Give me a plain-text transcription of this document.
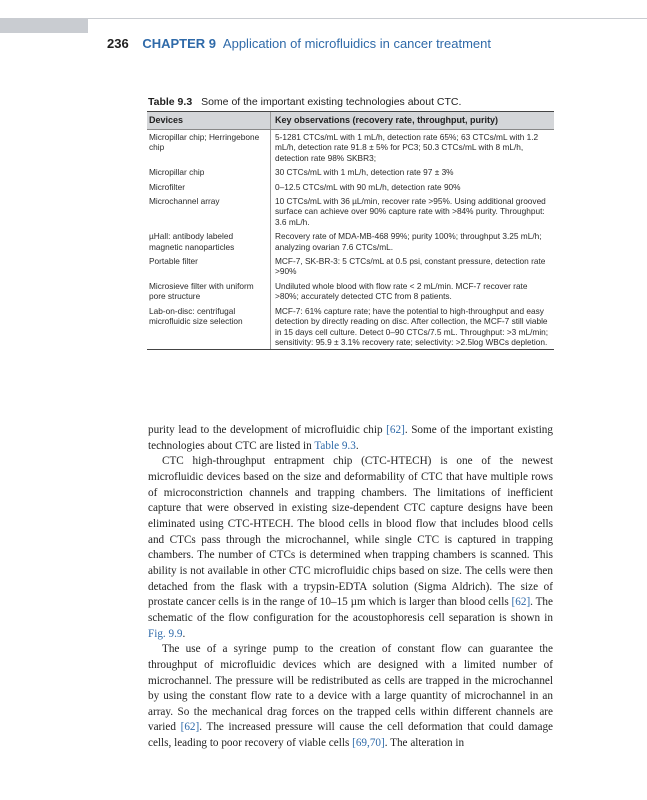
236 CHAPTER 9 Application of microfluidics in cancer treatment
Table 9.3 Some of the important existing technologies about CTC.
Devices	Key observations (recovery rate, throughput, purity)
Micropillar chip; Herringebone chip	5-1281 CTCs/mL with 1 mL/h, detection rate 65%; 63 CTCs/mL with 1.2 mL/h, detection rate 91.8 ± 5% for PC3; 50.3 CTCs/mL with 8 mL/h, detection rate 98% SKBR3;
Micropillar chip	30 CTCs/mL with 1 mL/h, detection rate 97 ± 3%
Microfilter	0–12.5 CTCs/mL with 90 mL/h, detection rate 90%
Microchannel array	10 CTCs/mL with 36 µL/min, recover rate >95%. Using additional grooved surface can achieve over 90% capture rate with >84% purity. Throughput: 3.6 mL/h.
µHall: antibody labeled magnetic nanoparticles	Recovery rate of MDA-MB-468 99%; purity 100%; throughput 3.25 mL/h; analyzing ovarian 7.6 CTCs/mL.
Portable filter	MCF-7, SK-BR-3: 5 CTCs/mL at 0.5 psi, constant pressure, detection rate >90%
Microsieve filter with uniform pore structure	Undiluted whole blood with flow rate < 2 mL/min. MCF-7 recover rate >80%; accurately detected CTC from 8 patients.
Lab-on-disc: centrifugal microfluidic size selection	MCF-7: 61% capture rate; have the potential to high-throughput and easy detection by directly reading on disc. After collection, the MCF-7 still viable in 15 days cell culture. Detect 0–90 CTCs/7.5 mL. Throughput: >3 mL/min; sensitivity: 95.9 ± 3.1% recovery rate; selectivity: >2.5log WBCs depletion.

purity lead to the development of microfluidic chip [62]. Some of the important existing technologies about CTC are listed in Table 9.3.

CTC high-throughput entrapment chip (CTC-HTECH) is one of the newest microfluidic devices based on the size and deformability of CTC that have multiple rows of microconstriction channels and trapping chambers. The limitations of inefficient capture that were observed in existing size-dependent CTC capture designs have been eliminated using CTC-HTECH. The blood cells in blood flow that includes blood cells and CTCs pass through the microchannel, while single CTC is captured in trapping chambers. The number of CTCs is determined when trapping chambers is scanned. This ability is not available in other CTC microfluidic chips based on size. The cells were then detached from the flask with a trypsin-EDTA solution (Sigma Aldrich). The size of prostate cancer cells is in the range of 10–15 µm which is larger than blood cells [62]. The schematic of the flow configuration for the acoustophoresis cell separation is shown in Fig. 9.9.

The use of a syringe pump to the creation of constant flow can guarantee the throughput of microfluidic devices which are designed with a limited number of microchannel. The pressure will be redistributed as cells are trapped in the microchannel by using the constant flow rate to a device with a large quantity of microchannel in an array. So the mechanical drag forces on the trapped cells within different channels are varied [62]. The increased pressure will cause the cell deformation that could damage cells, leading to poor recovery of viable cells [69,70]. The alteration in
